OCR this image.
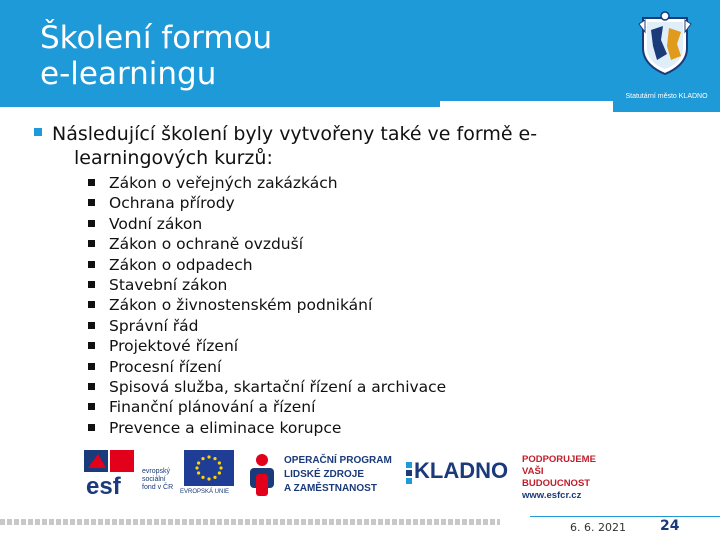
Školení formou
e-learningu
Statutární město KLADNO
Následující školení byly vytvořeny také ve formě e-learningových kurzů:
Zákon o veřejných zakázkách
Ochrana přírody
Vodní zákon
Zákon o ochraně ovzduší
Zákon o odpadech
Stavební zákon
Zákon o živnostenském podnikání
Správní řád
Projektové řízení
Procesní řízení
Spisová služba, skartační řízení a archivace
Finanční plánování a řízení
Prevence a eliminace korupce
esf
evropský
sociální
fond v ČR
EVROPSKÁ UNIE
OPERAČNÍ PROGRAM
LIDSKÉ ZDROJE
A ZAMĚSTNANOST
KLADNO PODPORUJEME
VAŠI BUDOUCNOST
www.esfcr.cz
6. 6. 2021 24
